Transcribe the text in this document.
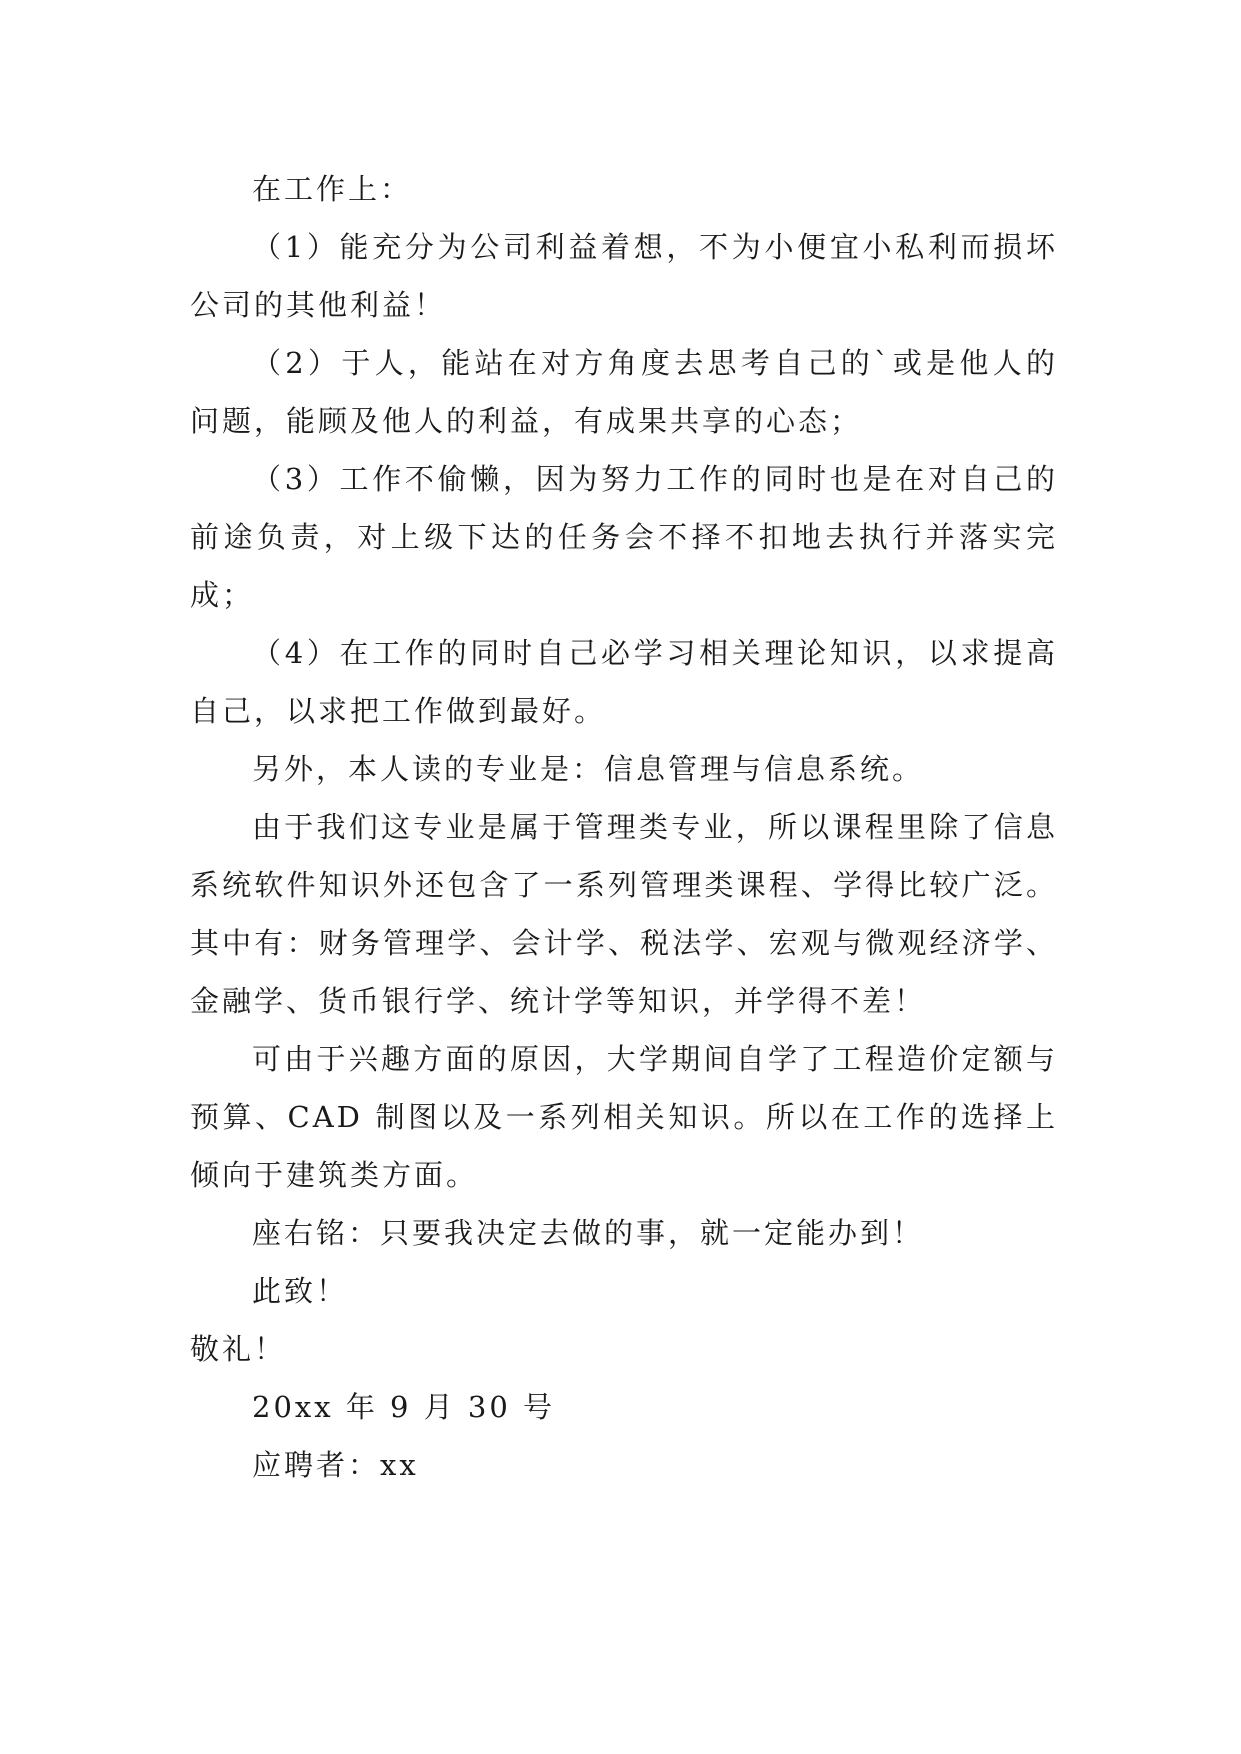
在工作上：

（1）能充分为公司利益着想，不为小便宜小私利而损坏公司的其他利益！

（2）于人，能站在对方角度去思考自己的`或是他人的问题，能顾及他人的利益，有成果共享的心态；

（3）工作不偷懒，因为努力工作的同时也是在对自己的前途负责，对上级下达的任务会不择不扣地去执行并落实完成；

（4）在工作的同时自己必学习相关理论知识，以求提高自己，以求把工作做到最好。

另外，本人读的专业是：信息管理与信息系统。

由于我们这专业是属于管理类专业，所以课程里除了信息系统软件知识外还包含了一系列管理类课程、学得比较广泛。其中有：财务管理学、会计学、税法学、宏观与微观经济学、金融学、货币银行学、统计学等知识，并学得不差！

可由于兴趣方面的原因，大学期间自学了工程造价定额与预算、CAD 制图以及一系列相关知识。所以在工作的选择上倾向于建筑类方面。

座右铭：只要我决定去做的事，就一定能办到！

此致！

敬礼！

20xx 年 9 月 30 号

应聘者：xx
